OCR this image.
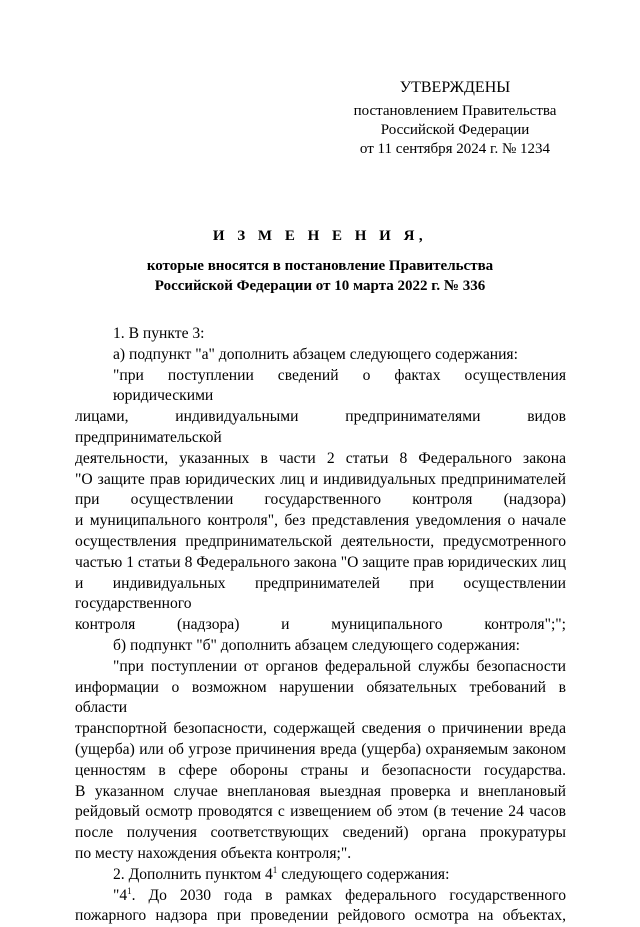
УТВЕРЖДЕНЫ
постановлением Правительства
Российской Федерации
от 11 сентября 2024 г. № 1234
И З М Е Н Е Н И Я,
которые вносятся в постановление Правительства
Российской Федерации от 10 марта 2022 г. № 336
1. В пункте 3:
а) подпункт "а" дополнить абзацем следующего содержания:
"при поступлении сведений о фактах осуществления юридическими
лицами, индивидуальными предпринимателями видов предпринимательской
деятельности, указанных в части 2 статьи 8 Федерального закона
"О защите прав юридических лиц и индивидуальных предпринимателей
при осуществлении государственного контроля (надзора)
и муниципального контроля", без представления уведомления о начале
осуществления предпринимательской деятельности, предусмотренного
частью 1 статьи 8 Федерального закона "О защите прав юридических лиц
и индивидуальных предпринимателей при осуществлении государственного
контроля (надзора) и муниципального контроля";";
б) подпункт "б" дополнить абзацем следующего содержания:
"при поступлении от органов федеральной службы безопасности
информации о возможном нарушении обязательных требований в области
транспортной безопасности, содержащей сведения о причинении вреда
(ущерба) или об угрозе причинения вреда (ущерба) охраняемым законом
ценностям в сфере обороны страны и безопасности государства.
В указанном случае внеплановая выездная проверка и внеплановый
рейдовый осмотр проводятся с извещением об этом (в течение 24 часов
после получения соответствующих сведений) органа прокуратуры
по месту нахождения объекта контроля;".
2. Дополнить пунктом $4^1$ следующего содержания:
"$4^1$. До 2030 года в рамках федерального государственного
пожарного надзора при проведении рейдового осмотра на объектах,
